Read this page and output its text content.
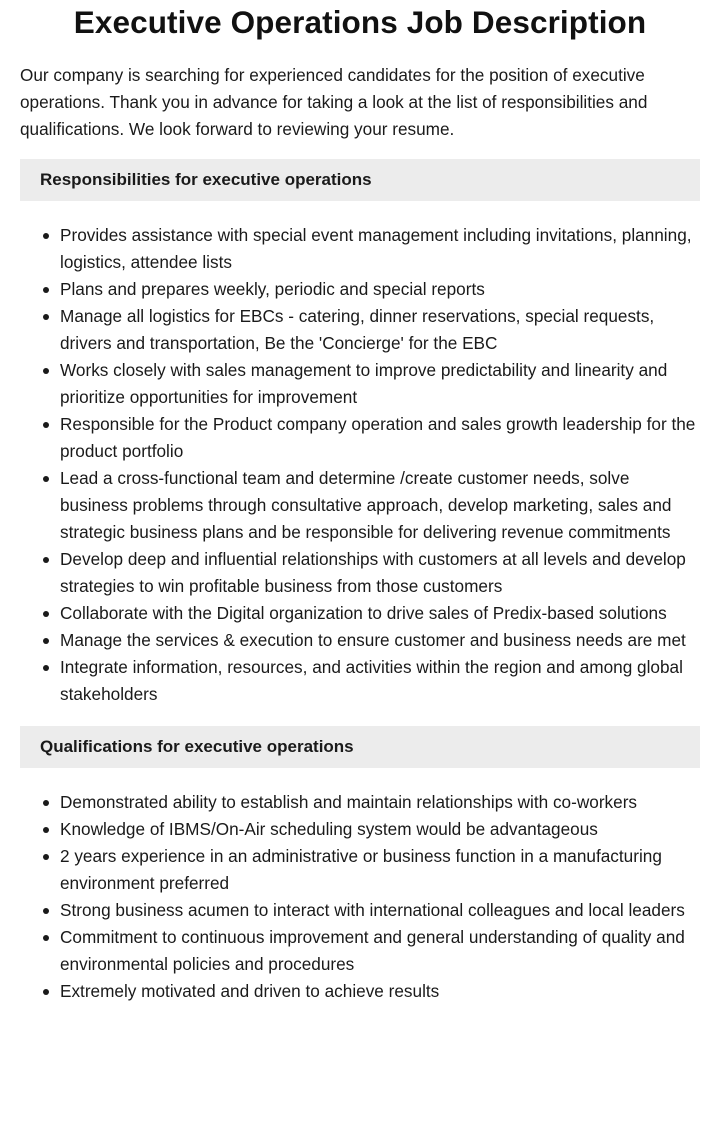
Executive Operations Job Description

Our company is searching for experienced candidates for the position of executive operations. Thank you in advance for taking a look at the list of responsibilities and qualifications. We look forward to reviewing your resume.

Responsibilities for executive operations
Provides assistance with special event management including invitations, planning, logistics, attendee lists
Plans and prepares weekly, periodic and special reports
Manage all logistics for EBCs - catering, dinner reservations, special requests, drivers and transportation, Be the 'Concierge' for the EBC
Works closely with sales management to improve predictability and linearity and prioritize opportunities for improvement
Responsible for the Product company operation and sales growth leadership for the product portfolio
Lead a cross-functional team and determine /create customer needs, solve business problems through consultative approach, develop marketing, sales and strategic business plans and be responsible for delivering revenue commitments
Develop deep and influential relationships with customers at all levels and develop strategies to win profitable business from those customers
Collaborate with the Digital organization to drive sales of Predix-based solutions
Manage the services & execution to ensure customer and business needs are met
Integrate information, resources, and activities within the region and among global stakeholders
Qualifications for executive operations
Demonstrated ability to establish and maintain relationships with co-workers
Knowledge of IBMS/On-Air scheduling system would be advantageous
2 years experience in an administrative or business function in a manufacturing environment preferred
Strong business acumen to interact with international colleagues and local leaders
Commitment to continuous improvement and general understanding of quality and environmental policies and procedures
Extremely motivated and driven to achieve results
